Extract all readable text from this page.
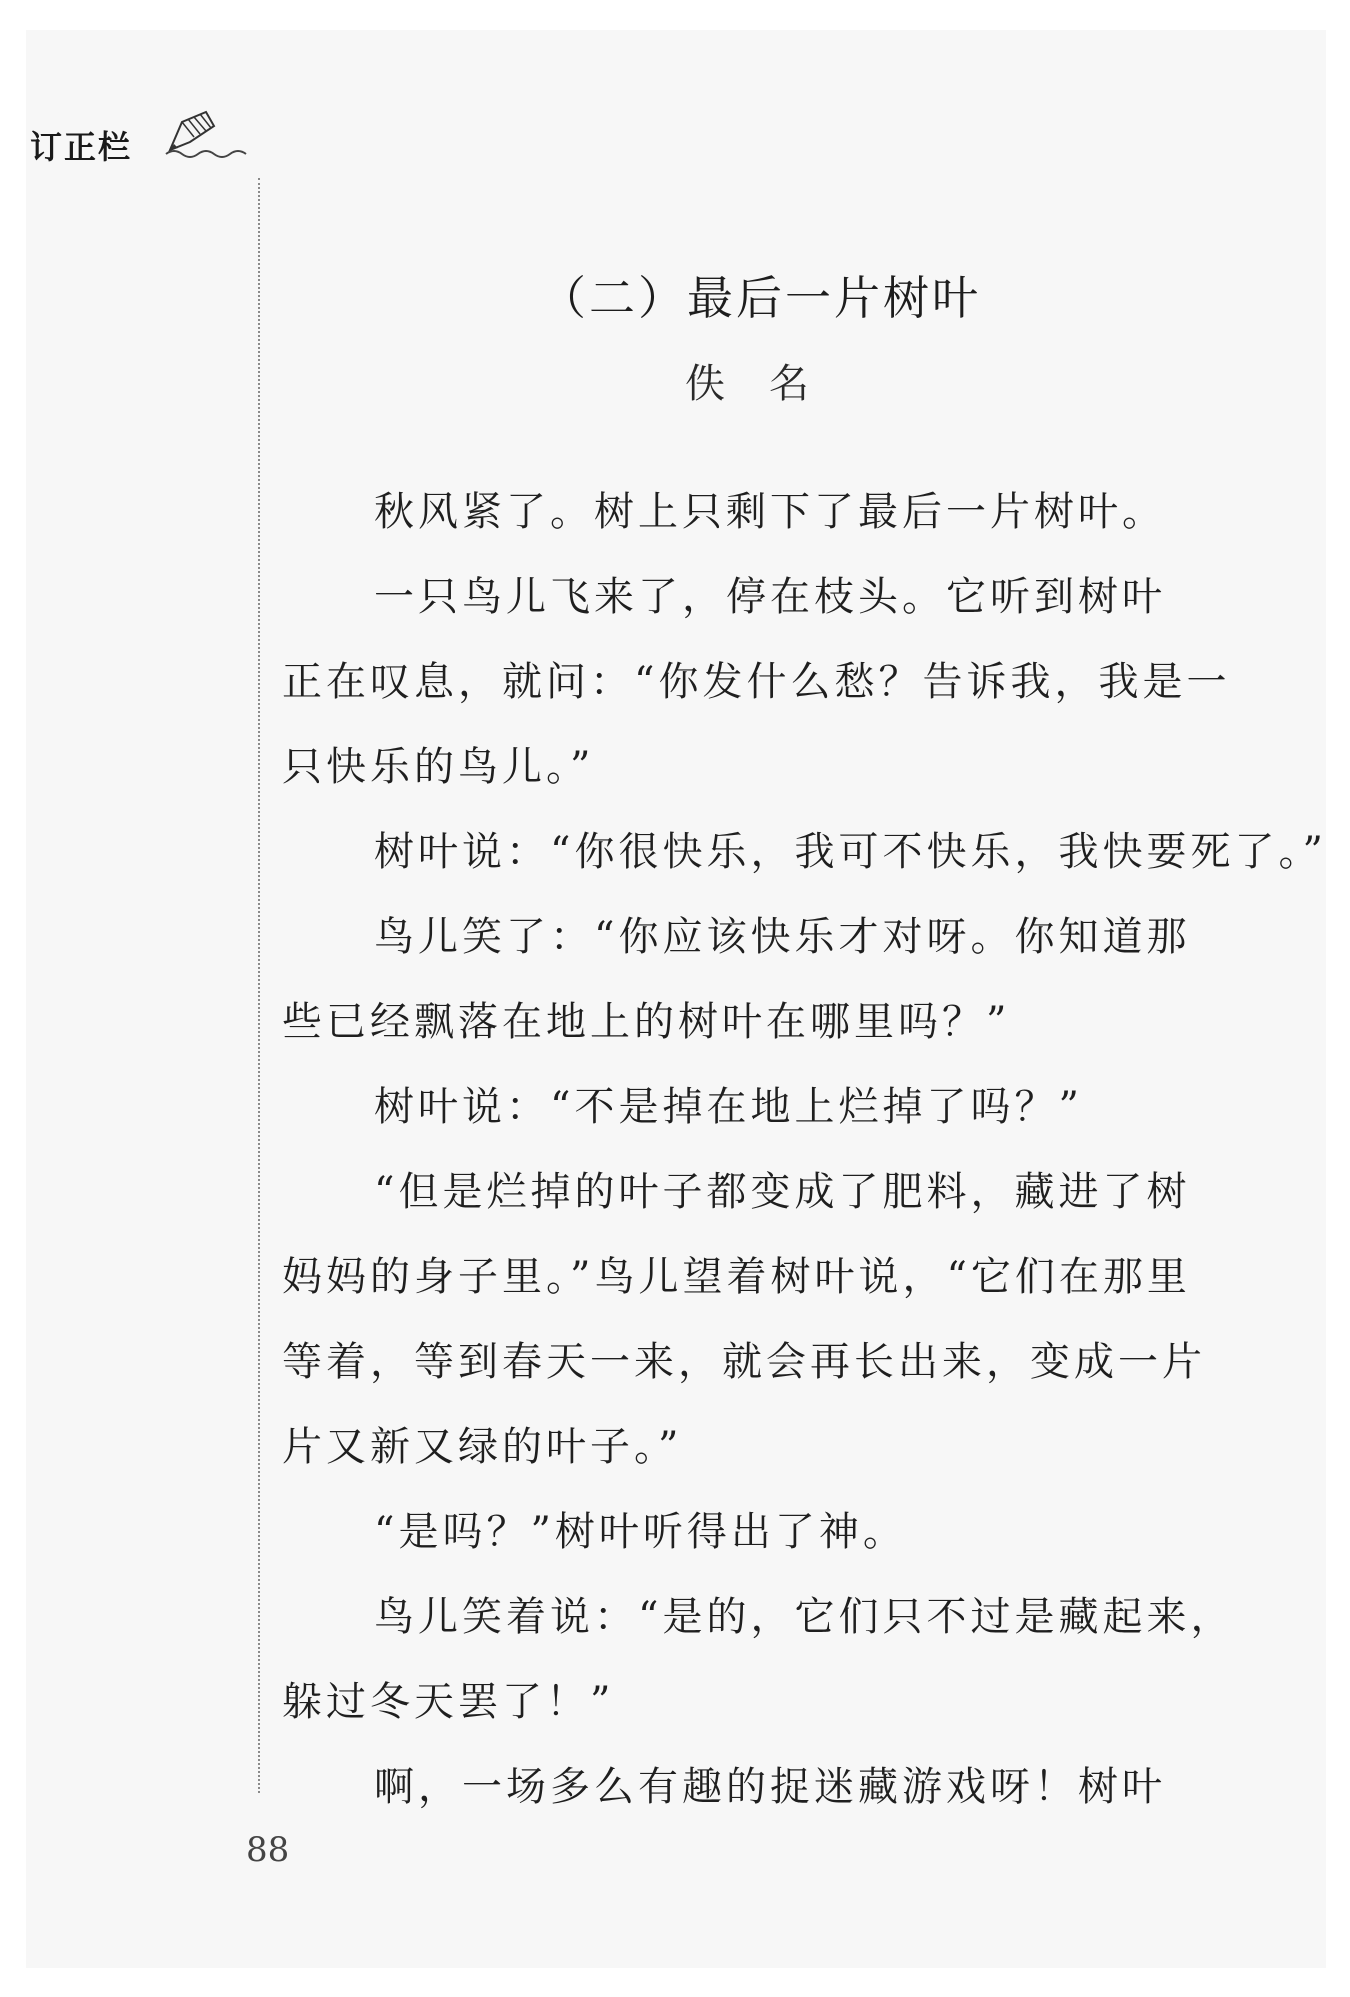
订正栏
（二）最后一片树叶
佚名
秋风紧了。树上只剩下了最后一片树叶。
一只鸟儿飞来了，停在枝头。它听到树叶
正在叹息，就问：“你发什么愁？告诉我，我是一
只快乐的鸟儿。”
树叶说：“你很快乐，我可不快乐，我快要死了。”
鸟儿笑了：“你应该快乐才对呀。你知道那
些已经飘落在地上的树叶在哪里吗？”
树叶说：“不是掉在地上烂掉了吗？”
“但是烂掉的叶子都变成了肥料，藏进了树
妈妈的身子里。”鸟儿望着树叶说，“它们在那里
等着，等到春天一来，就会再长出来，变成一片
片又新又绿的叶子。”
“是吗？”树叶听得出了神。
鸟儿笑着说：“是的，它们只不过是藏起来，
躲过冬天罢了！”
啊，一场多么有趣的捉迷藏游戏呀！树叶
88
